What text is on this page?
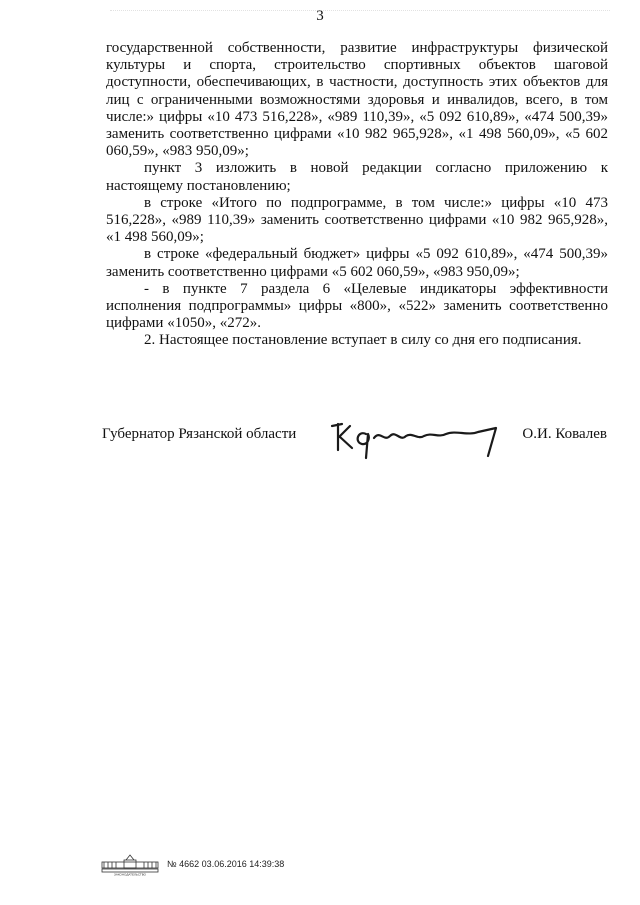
3

государственной собственности, развитие инфраструктуры физической культуры и спорта, строительство спортивных объектов шаговой доступности, обеспечивающих, в частности, доступность этих объектов для лиц с ограниченными возможностями здоровья и инвалидов, всего, в том числе:» цифры «10 473 516,228», «989 110,39», «5 092 610,89», «474 500,39» заменить соответственно цифрами «10 982 965,928», «1 498 560,09», «5 602 060,59», «983 950,09»;

пункт 3 изложить в новой редакции согласно приложению к настоящему постановлению;

в строке «Итого по подпрограмме, в том числе:» цифры «10 473 516,228», «989 110,39» заменить соответственно цифрами «10 982 965,928», «1 498 560,09»;

в строке «федеральный бюджет» цифры «5 092 610,89», «474 500,39» заменить соответственно цифрами «5 602 060,59», «983 950,09»;

- в пункте 7 раздела 6 «Целевые индикаторы эффективности исполнения подпрограммы» цифры «800», «522» заменить соответственно цифрами «1050», «272».

2. Настоящее постановление вступает в силу со дня его подписания.

Губернатор Рязанской области	О.И. Ковалев
ЗАКОНОДАТЕЛЬСТВО
№ 4662 03.06.2016 14:39:38
